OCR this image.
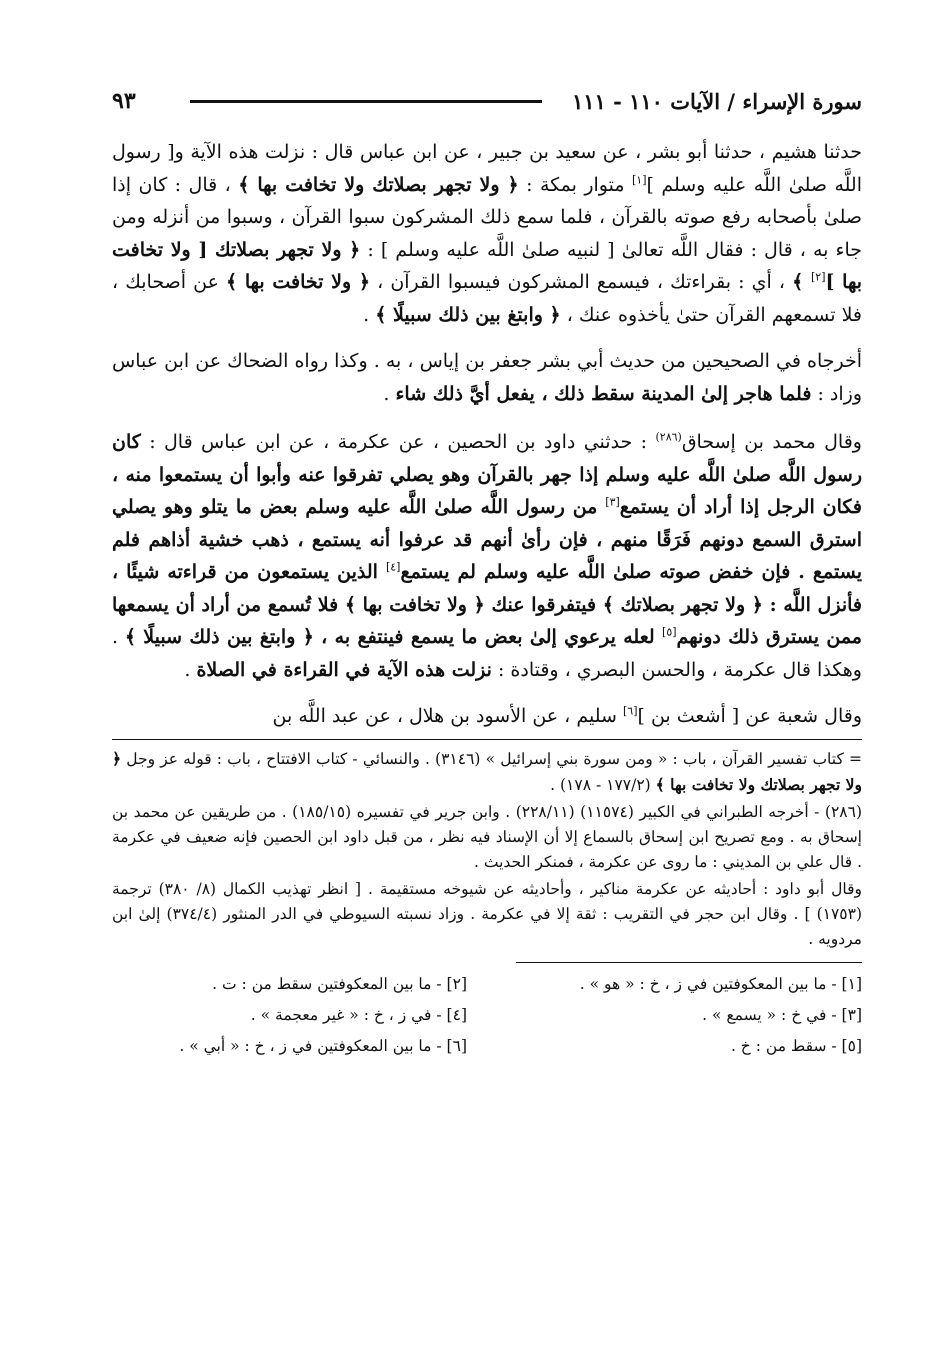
سورة الإسراء / الآيات ١١٠ - ١١١
٩٣

حدثنا هشيم ، حدثنا أبو بشر ، عن سعيد بن جبير ، عن ابن عباس قال : نزلت هذه الآية و[ رسول اللَّه صلىٰ اللَّه عليه وسلم ][١] متوار بمكة : ﴿ ولا تجهر بصلاتك ولا تخافت بها ﴾ ، قال : كان إذا صلىٰ بأصحابه رفع صوته بالقرآن ، فلما سمع ذلك المشركون سبوا القرآن ، وسبوا من أنزله ومن جاء به ، قال : فقال اللَّه تعالىٰ [ لنبيه صلىٰ اللَّه عليه وسلم ] : ﴿ ولا تجهر بصلاتك [ ولا تخافت بها ][٢] ﴾ ، أي : بقراءتك ، فيسمع المشركون فيسبوا القرآن ، ﴿ ولا تخافت بها ﴾ عن أصحابك ، فلا تسمعهم القرآن حتىٰ يأخذوه عنك ، ﴿ وابتغ بين ذلك سبيلًا ﴾ .

أخرجاه في الصحيحين من حديث أبي بشر جعفر بن إياس ، به . وكذا رواه الضحاك عن ابن عباس وزاد : فلما هاجر إلىٰ المدينة سقط ذلك ، يفعل أيَّ ذلك شاء .

وقال محمد بن إسحاق$^{(٢٨٦)}$ : حدثني داود بن الحصين ، عن عكرمة ، عن ابن عباس قال : كان رسول اللَّه صلىٰ اللَّه عليه وسلم إذا جهر بالقرآن وهو يصلي تفرقوا عنه وأبوا أن يستمعوا منه ، فكان الرجل إذا أراد أن يستمع[٣] من رسول اللَّه صلىٰ اللَّه عليه وسلم بعض ما يتلو وهو يصلي استرق السمع دونهم فَرَقًا منهم ، فإن رأىٰ أنهم قد عرفوا أنه يستمع ، ذهب خشية أذاهم فلم يستمع . فإن خفض صوته صلىٰ اللَّه عليه وسلم لم يستمع[٤] الذين يستمعون من قراءته شيئًا ، فأنزل اللَّه : ﴿ ولا تجهر بصلاتك ﴾ فيتفرقوا عنك ﴿ ولا تخافت بها ﴾ فلا تُسمع من أراد أن يسمعها ممن يسترق ذلك دونهم[٥] لعله يرعوي إلىٰ بعض ما يسمع فينتفع به ، ﴿ وابتغ بين ذلك سبيلًا ﴾ . وهكذا قال عكرمة ، والحسن البصري ، وقتادة : نزلت هذه الآية في القراءة في الصلاة .

وقال شعبة عن [ أشعث بن ][٦] سليم ، عن الأسود بن هلال ، عن عبد اللَّه بن

= كتاب تفسير القرآن ، باب : « ومن سورة بني إسرائيل » (٣١٤٦) . والنسائي - كتاب الافتتاح ، باب : قوله عز وجل ﴿ ولا تجهر بصلاتك ولا تخافت بها ﴾ (١٧٧/٢ - ١٧٨) .

(٢٨٦) - أخرجه الطبراني في الكبير (١١٥٧٤) (٢٢٨/١١) . وابن جرير في تفسيره (١٨٥/١٥) . من طريقين عن محمد بن إسحاق به . ومع تصريح ابن إسحاق بالسماع إلا أن الإسناد فيه نظر ، من قبل داود ابن الحصين فإنه ضعيف في عكرمة . قال علي بن المديني : ما روى عن عكرمة ، فمنكر الحديث .

وقال أبو داود : أحاديثه عن عكرمة مناكير ، وأحاديثه عن شيوخه مستقيمة . [ انظر تهذيب الكمال (٨/ ٣٨٠) ترجمة (١٧٥٣) ] . وقال ابن حجر في التقريب : ثقة إلا في عكرمة . وزاد نسبته السيوطي في الدر المنثور (٣٧٤/٤) إلىٰ ابن مردويه .

[١] - ما بين المعكوفتين في ز ، خ : « هو » .
[٢] - ما بين المعكوفتين سقط من : ت .
[٣] - في خ : « يسمع » .
[٤] - في ز ، خ : « غير معجمة » .
[٥] - سقط من : خ .
[٦] - ما بين المعكوفتين في ز ، خ : « أبي » .
